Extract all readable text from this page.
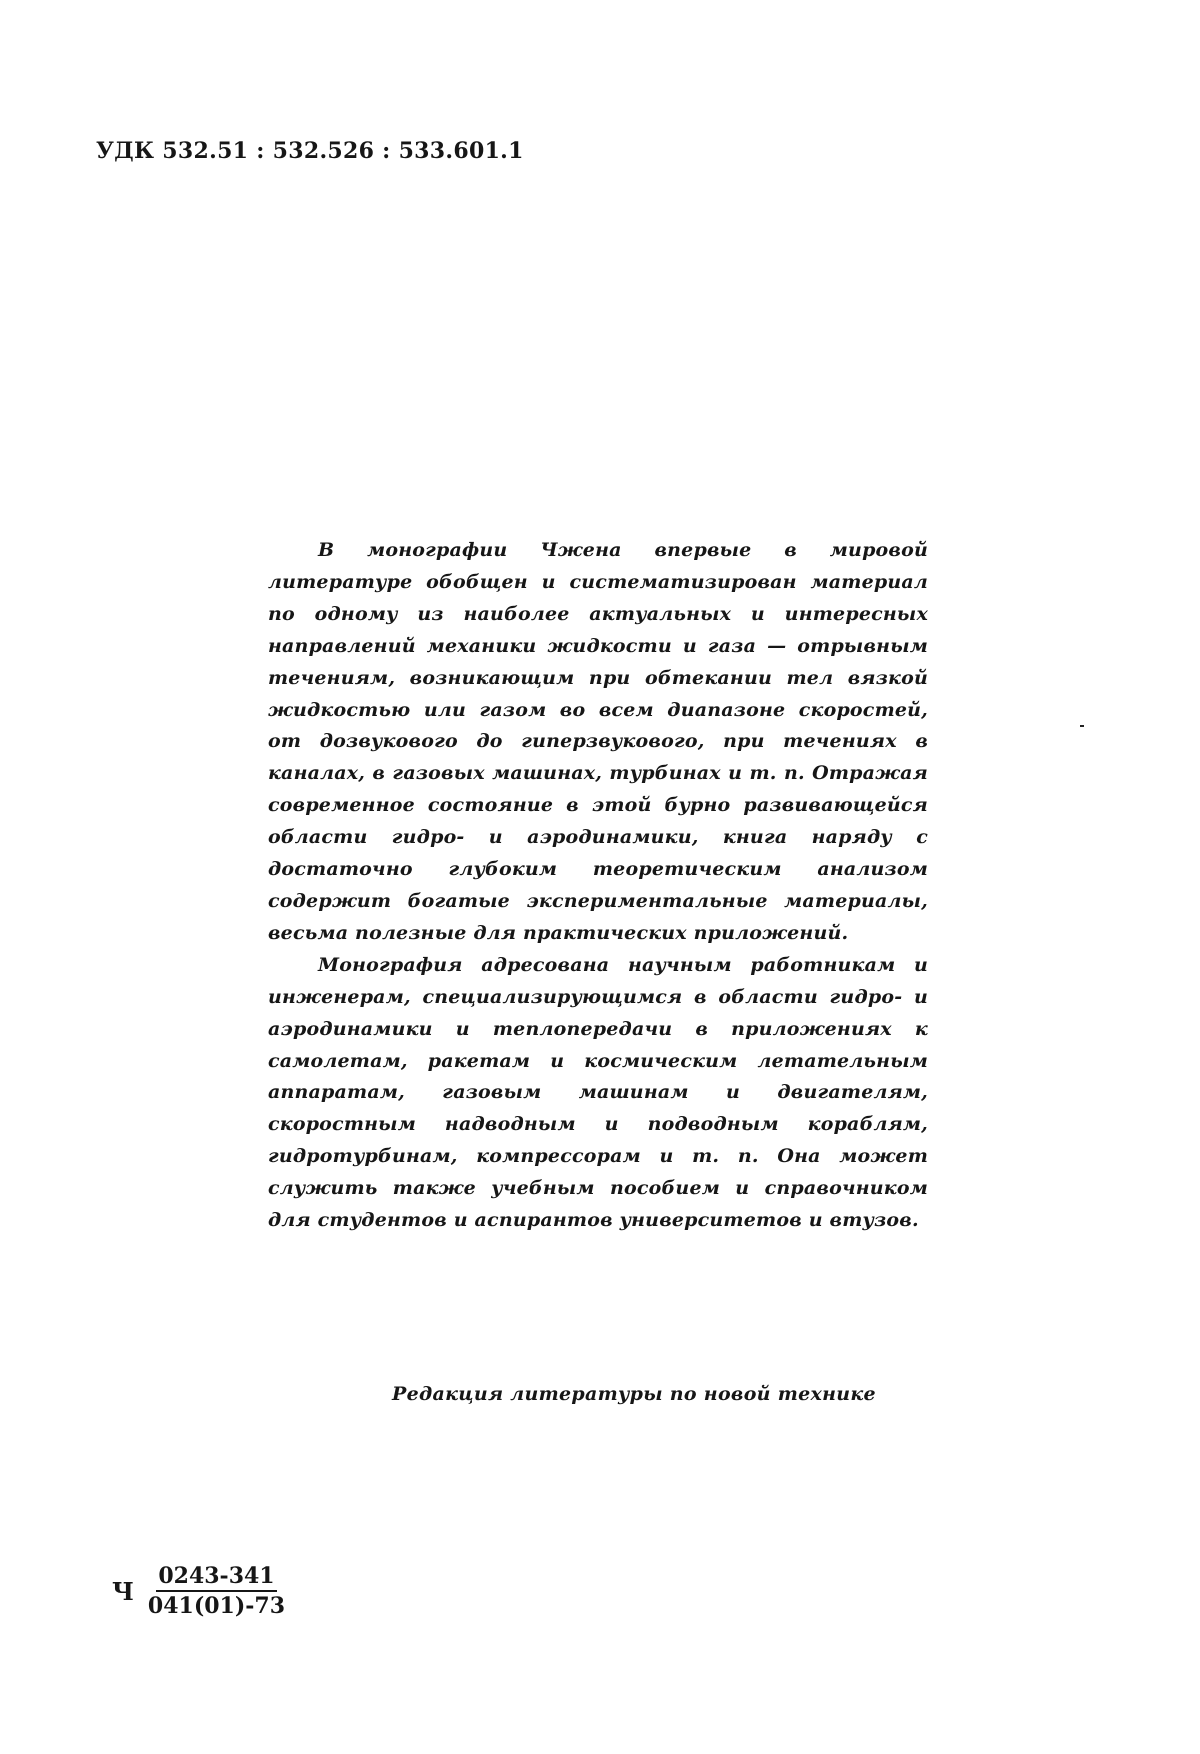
УДК 532.51 : 532.526 : 533.601.1

В монографии Чжена впервые в мировой литературе обобщен и систематизирован материал по одному из наиболее актуальных и интересных направлений механики жидкости и газа — отрывным течениям, возникающим при обтекании тел вязкой жидкостью или газом во всем диапазоне скоростей, от дозвукового до гиперзвукового, при течениях в каналах, в газовых машинах, турбинах и т. п. Отражая современное состояние в этой бурно развивающейся области гидро- и аэродинамики, книга наряду с достаточно глубоким теоретическим анализом содержит богатые экспериментальные материалы, весьма полезные для практических приложений.

Монография адресована научным работникам и инженерам, специализирующимся в области гидро- и аэродинамики и теплопередачи в приложениях к самолетам, ракетам и космическим летательным аппаратам, газовым машинам и двигателям, скоростным надводным и подводным кораблям, гидротурбинам, компрессорам и т. п. Она может служить также учебным пособием и справочником для студентов и аспирантов университетов и втузов.

Редакция литературы по новой технике
Ч $\frac{0243-341}{041(01)-73}$
